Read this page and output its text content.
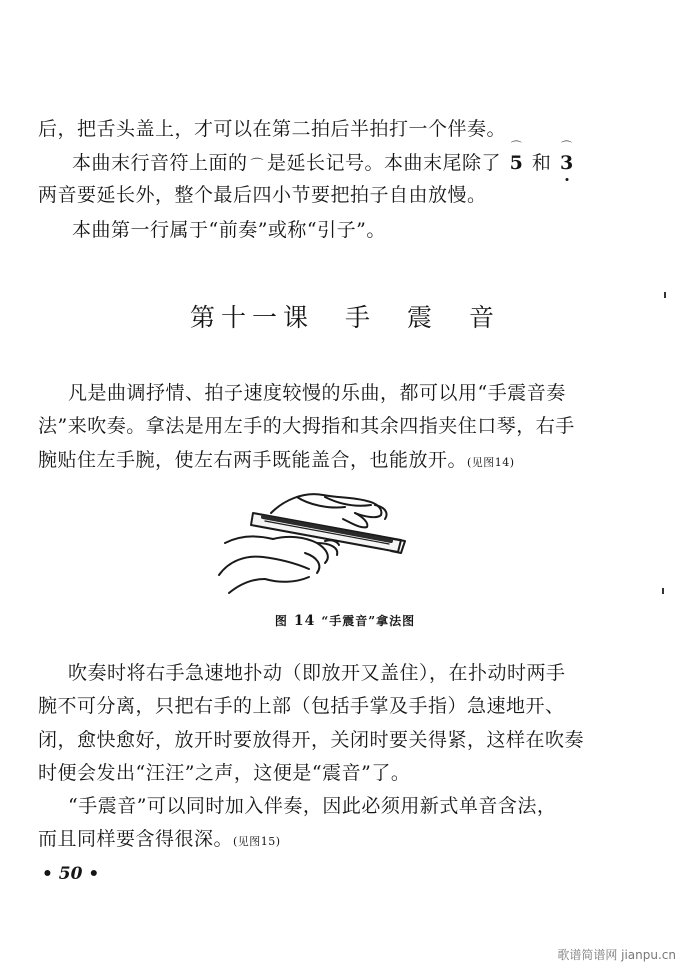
后，把舌头盖上，才可以在第二拍后半拍打一个伴奏。
本曲末行音符上面的 ⌒ 是延长记号。本曲末尾除了
⌒
5 和
⌒
3
两音要延长外，整个最后四小节要把拍子自由放慢。
本曲第一行属于“前奏”或称“引子”。
第十一课　手　震　音
凡是曲调抒情、拍子速度较慢的乐曲，都可以用“手震音奏
法”来吹奏。拿法是用左手的大拇指和其余四指夹住口琴，右手
腕贴住左手腕，使左右两手既能盖合，也能放开。(见图14)
图 14 “手震音”拿法图
吹奏时将右手急速地扑动（即放开又盖住），在扑动时两手
腕不可分离，只把右手的上部（包括手掌及手指）急速地开、
闭，愈快愈好，放开时要放得开，关闭时要关得紧，这样在吹奏
时便会发出“汪汪”之声，这便是“震音”了。
“手震音”可以同时加入伴奏，因此必须用新式单音含法，
而且同样要含得很深。(见图15)
• 50 •
歌谱简谱网 jianpu.cn
